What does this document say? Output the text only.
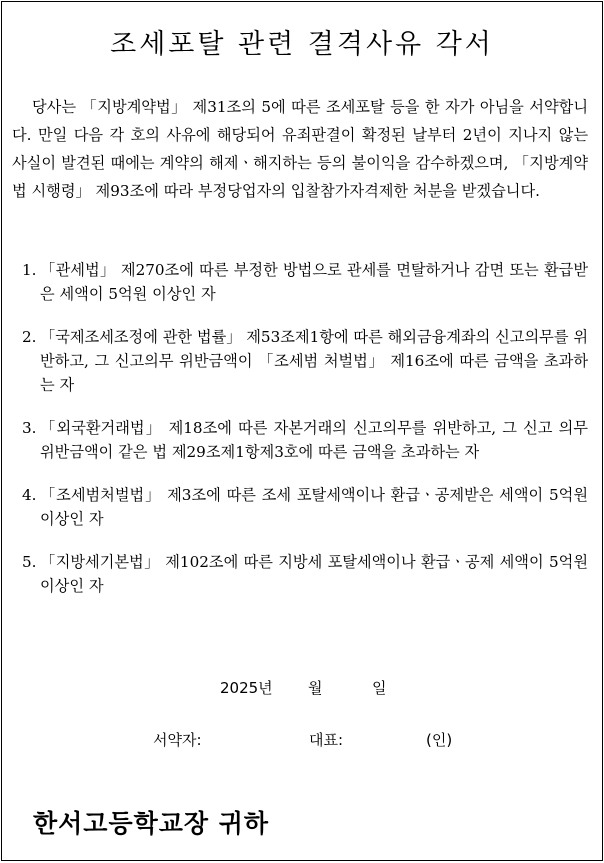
조세포탈 관련 결격사유 각서

당사는 「지방계약법」 제31조의 5에 따른 조세포탈 등을 한 자가 아님을 서약합니다. 만일 다음 각 호의 사유에 해당되어 유죄판결이 확정된 날부터 2년이 지나지 않는 사실이 발견된 때에는 계약의 해제ㆍ해지하는 등의 불이익을 감수하겠으며, 「지방계약법 시행령」 제93조에 따라 부정당업자의 입찰참가자격제한 처분을 받겠습니다.

1. 「관세법」 제270조에 따른 부정한 방법으로 관세를 면탈하거나 감면 또는 환급받은 세액이 5억원 이상인 자
2. 「국제조세조정에 관한 법률」 제53조제1항에 따른 해외금융계좌의 신고의무를 위반하고, 그 신고의무 위반금액이 「조세범 처벌법」 제16조에 따른 금액을 초과하는 자
3. 「외국환거래법」 제18조에 따른 자본거래의 신고의무를 위반하고, 그 신고 의무 위반금액이 같은 법 제29조제1항제3호에 따른 금액을 초과하는 자
4. 「조세범처벌법」 제3조에 따른 조세 포탈세액이나 환급ㆍ공제받은 세액이 5억원 이상인 자
5. 「지방세기본법」 제102조에 따른 지방세 포탈세액이나 환급ㆍ공제 세액이 5억원 이상인 자
2025년 월	일
서약자:	대표:	(인)
한서고등학교장 귀하
